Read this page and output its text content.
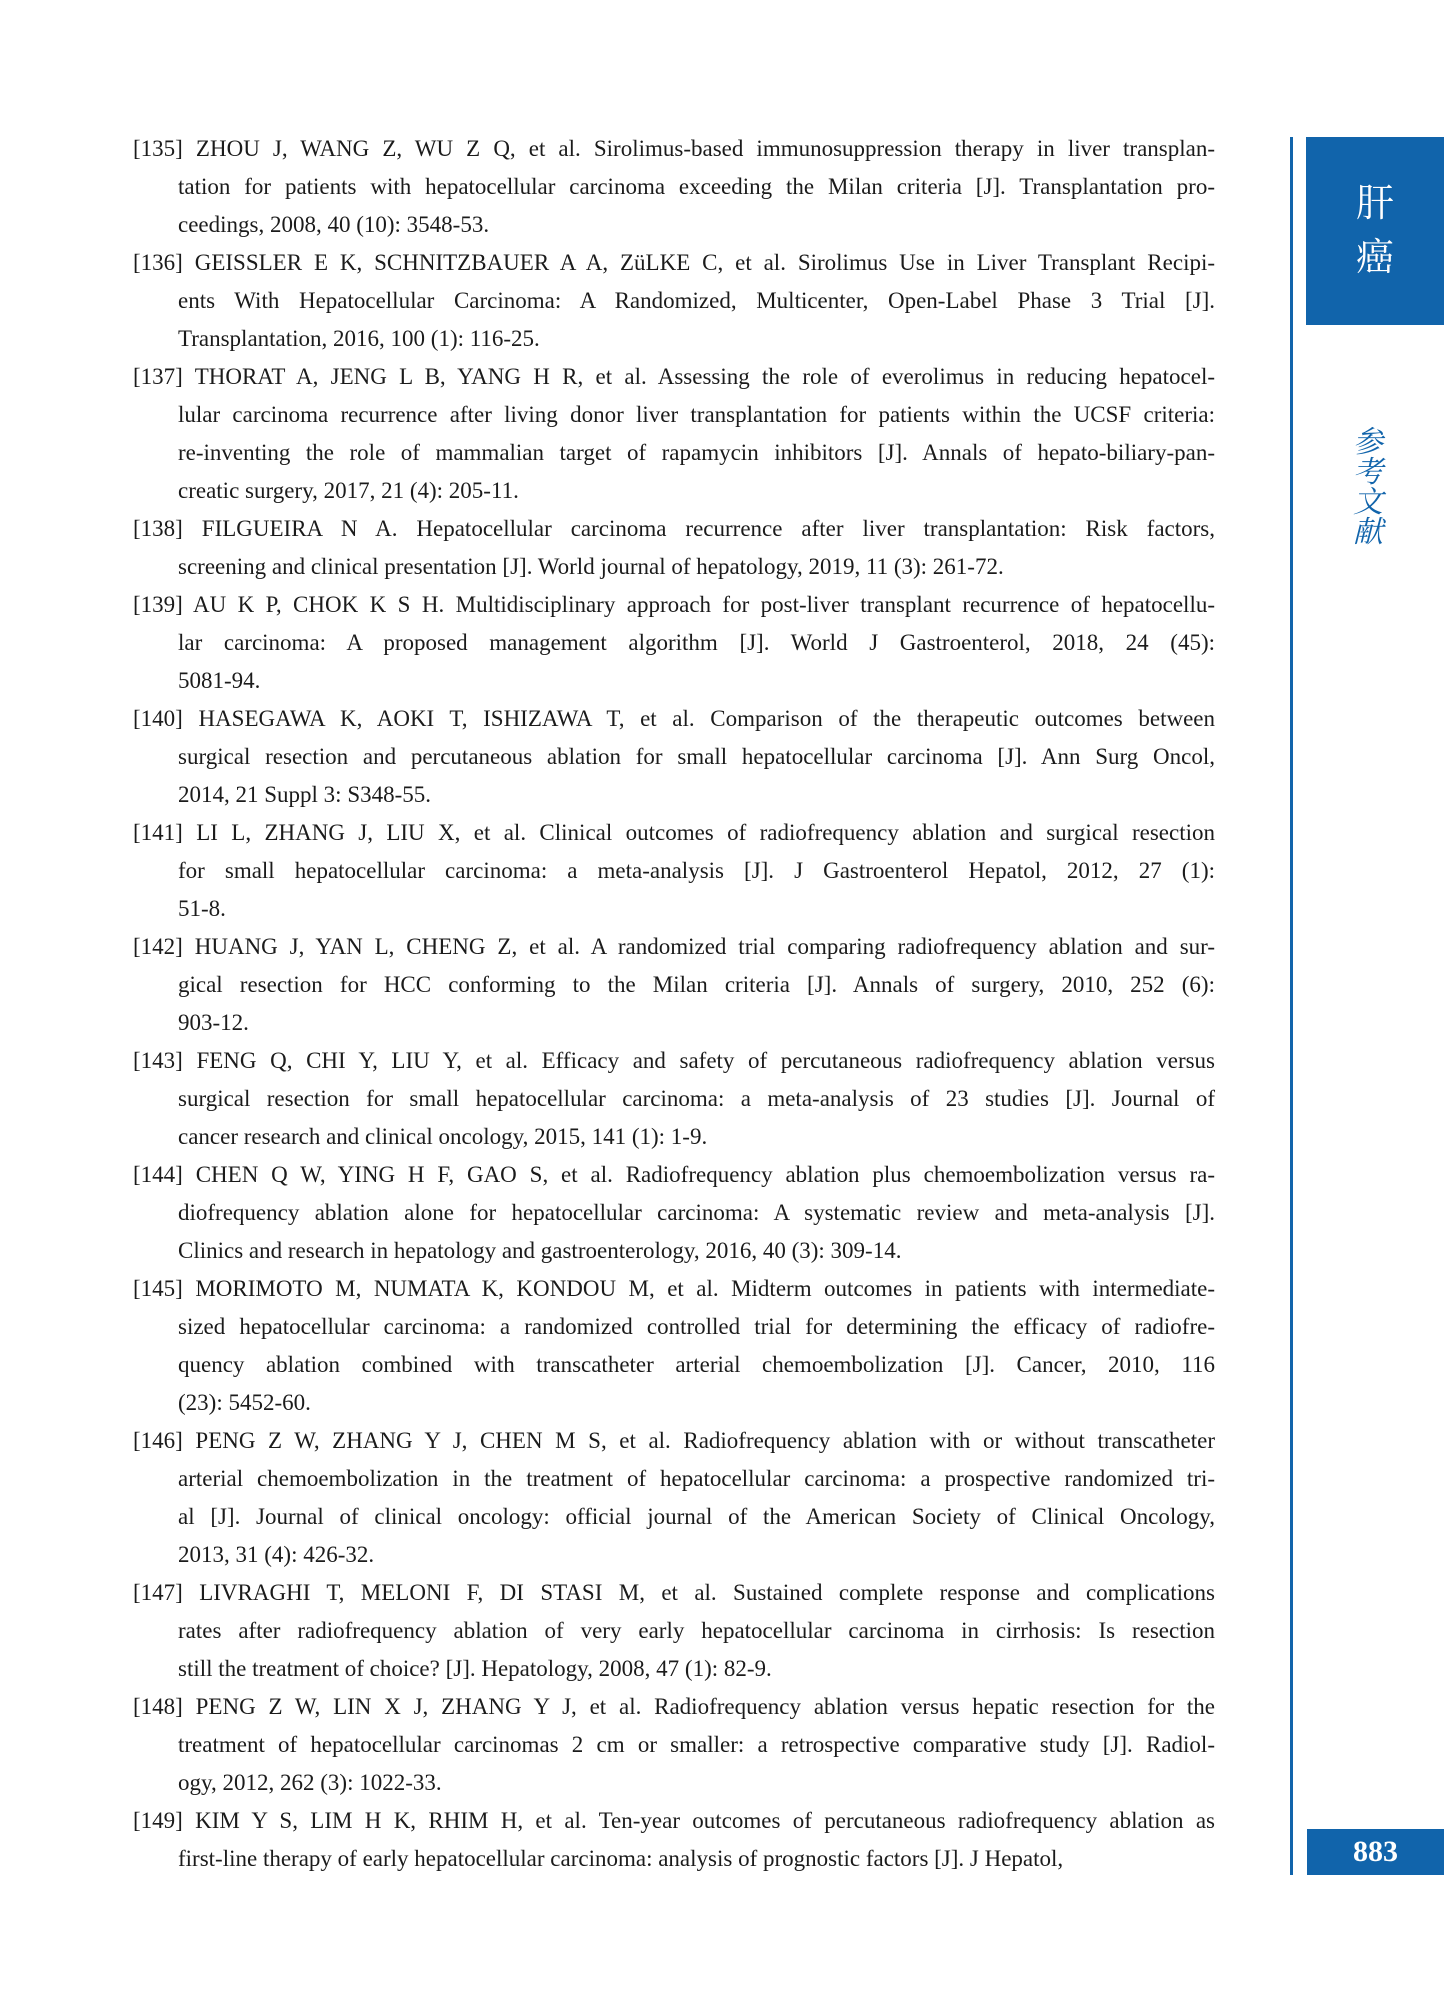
[135] ZHOU J, WANG Z, WU Z Q, et al. Sirolimus-based immunosuppression therapy in liver transplan-
tation for patients with hepatocellular carcinoma exceeding the Milan criteria [J]. Transplantation pro-
ceedings, 2008, 40 (10): 3548-53.
[136] GEISSLER E K, SCHNITZBAUER A A, ZüLKE C, et al. Sirolimus Use in Liver Transplant Recipi-
ents With Hepatocellular Carcinoma: A Randomized, Multicenter, Open-Label Phase 3 Trial [J].
Transplantation, 2016, 100 (1): 116-25.
[137] THORAT A, JENG L B, YANG H R, et al. Assessing the role of everolimus in reducing hepatocel-
lular carcinoma recurrence after living donor liver transplantation for patients within the UCSF criteria:
re-inventing the role of mammalian target of rapamycin inhibitors [J]. Annals of hepato-biliary-pan-
creatic surgery, 2017, 21 (4): 205-11.
[138] FILGUEIRA N A. Hepatocellular carcinoma recurrence after liver transplantation: Risk factors,
screening and clinical presentation [J]. World journal of hepatology, 2019, 11 (3): 261-72.
[139] AU K P, CHOK K S H. Multidisciplinary approach for post-liver transplant recurrence of hepatocellu-
lar carcinoma: A proposed management algorithm [J]. World J Gastroenterol, 2018, 24 (45):
5081-94.
[140] HASEGAWA K, AOKI T, ISHIZAWA T, et al. Comparison of the therapeutic outcomes between
surgical resection and percutaneous ablation for small hepatocellular carcinoma [J]. Ann Surg Oncol,
2014, 21 Suppl 3: S348-55.
[141] LI L, ZHANG J, LIU X, et al. Clinical outcomes of radiofrequency ablation and surgical resection
for small hepatocellular carcinoma: a meta-analysis [J]. J Gastroenterol Hepatol, 2012, 27 (1):
51-8.
[142] HUANG J, YAN L, CHENG Z, et al. A randomized trial comparing radiofrequency ablation and sur-
gical resection for HCC conforming to the Milan criteria [J]. Annals of surgery, 2010, 252 (6):
903-12.
[143] FENG Q, CHI Y, LIU Y, et al. Efficacy and safety of percutaneous radiofrequency ablation versus
surgical resection for small hepatocellular carcinoma: a meta-analysis of 23 studies [J]. Journal of
cancer research and clinical oncology, 2015, 141 (1): 1-9.
[144] CHEN Q W, YING H F, GAO S, et al. Radiofrequency ablation plus chemoembolization versus ra-
diofrequency ablation alone for hepatocellular carcinoma: A systematic review and meta-analysis [J].
Clinics and research in hepatology and gastroenterology, 2016, 40 (3): 309-14.
[145] MORIMOTO M, NUMATA K, KONDOU M, et al. Midterm outcomes in patients with intermediate-
sized hepatocellular carcinoma: a randomized controlled trial for determining the efficacy of radiofre-
quency ablation combined with transcatheter arterial chemoembolization [J]. Cancer, 2010, 116
(23): 5452-60.
[146] PENG Z W, ZHANG Y J, CHEN M S, et al. Radiofrequency ablation with or without transcatheter
arterial chemoembolization in the treatment of hepatocellular carcinoma: a prospective randomized tri-
al [J]. Journal of clinical oncology: official journal of the American Society of Clinical Oncology,
2013, 31 (4): 426-32.
[147] LIVRAGHI T, MELONI F, DI STASI M, et al. Sustained complete response and complications
rates after radiofrequency ablation of very early hepatocellular carcinoma in cirrhosis: Is resection
still the treatment of choice? [J]. Hepatology, 2008, 47 (1): 82-9.
[148] PENG Z W, LIN X J, ZHANG Y J, et al. Radiofrequency ablation versus hepatic resection for the
treatment of hepatocellular carcinomas 2 cm or smaller: a retrospective comparative study [J]. Radiol-
ogy, 2012, 262 (3): 1022-33.
[149] KIM Y S, LIM H K, RHIM H, et al. Ten-year outcomes of percutaneous radiofrequency ablation as
first-line therapy of early hepatocellular carcinoma: analysis of prognostic factors [J]. J Hepatol,
肝
癌
参
考
文
献
883
